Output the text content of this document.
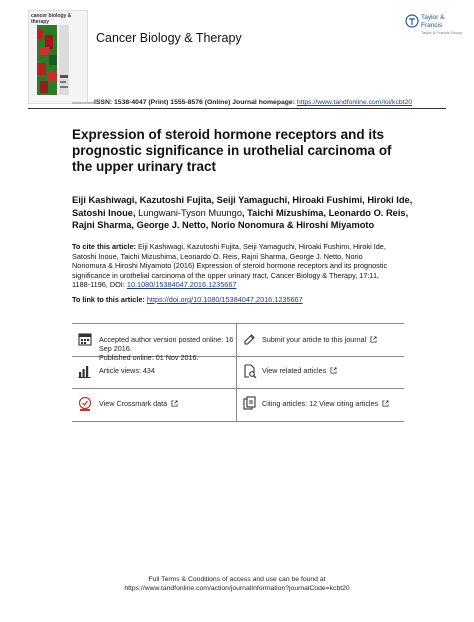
cancer biology & therapy
Cancer Biology & Therapy
Taylor & Francis
Taylor & Francis Group
ISSN: 1538-4047 (Print) 1555-8576 (Online) Journal homepage: https://www.tandfonline.com/loi/kcbt20
Expression of steroid hormone receptors and its prognostic significance in urothelial carcinoma of the upper urinary tract
Eiji Kashiwagi, Kazutoshi Fujita, Seiji Yamaguchi, Hiroaki Fushimi, Hiroki Ide, Satoshi Inoue, Lungwani-Tyson Muungo, Taichi Mizushima, Leonardo O. Reis, Rajni Sharma, George J. Netto, Norio Nonomura & Hiroshi Miyamoto
To cite this article: Eiji Kashiwagi, Kazutoshi Fujita, Seiji Yamaguchi, Hiroaki Fushimi, Hiroki Ide, Satoshi Inoue, Taichi Mizushima, Leonardo O. Reis, Rajni Sharma, George J. Netto, Norio Nonomura & Hiroshi Miyamoto (2016) Expression of steroid hormone receptors and its prognostic significance in urothelial carcinoma of the upper urinary tract, Cancer Biology & Therapy, 17:11, 1188-1196, DOI: 10.1080/15384047.2016.1235667
To link to this article: https://doi.org/10.1080/15384047.2016.1235667
Accepted author version posted online: 16 Sep 2016.
Published online: 01 Nov 2016.
Submit your article to this journal
Article views: 434	View related articles
View Crossmark data	Citing articles: 12 View citing articles
Full Terms & Conditions of access and use can be found at
https://www.tandfonline.com/action/journalInformation?journalCode=kcbt20
